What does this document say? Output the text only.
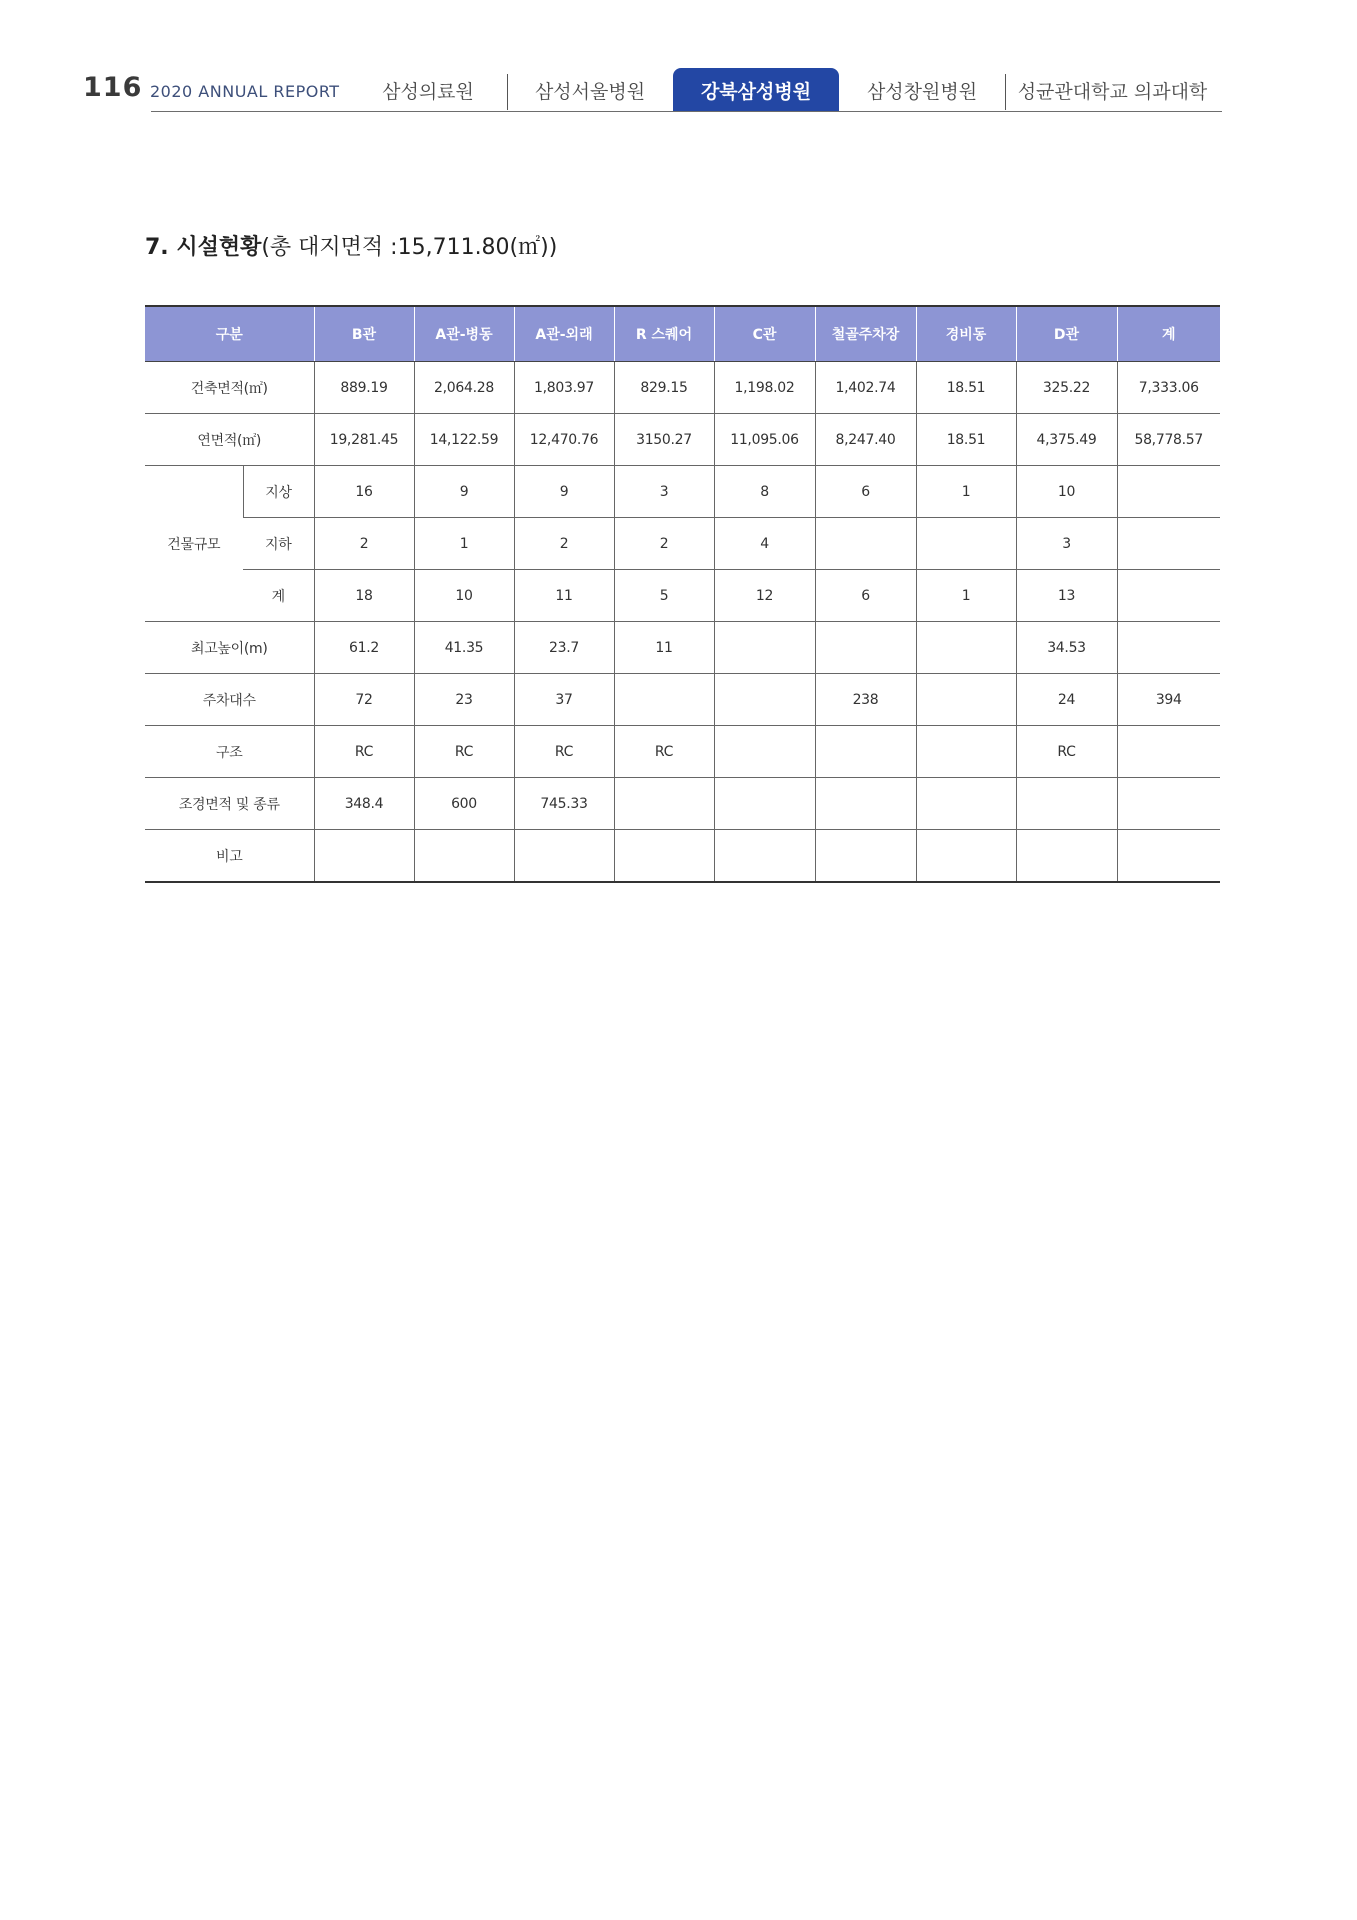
116 2020 ANNUAL REPORT	삼성의료원	삼성서울병원	강북삼성병원	삼성창원병원	성균관대학교 의과대학
7. 시설현황(총 대지면적 :15,711.80(㎡))
구분		B관	A관-병동	A관-외래	R 스퀘어	C관	철골주차장	경비동	D관	계
건축면적(㎡)		889.19	2,064.28	1,803.97	829.15	1,198.02	1,402.74	18.51	325.22	7,333.06
연면적(㎡)		19,281.45	14,122.59	12,470.76	3150.27	11,095.06	8,247.40	18.51	4,375.49	58,778.57
건물규모	지상	16	9	9	3	8	6	1	10	
	지하	2	1	2	2	4			3	
	계	18	10	11	5	12	6	1	13	
최고높이(m)		61.2	41.35	23.7	11				34.53	
주차대수		72	23	37			238		24	394
구조		RC	RC	RC	RC				RC	
조경면적 및 종류		348.4	600	745.33						
비고										
